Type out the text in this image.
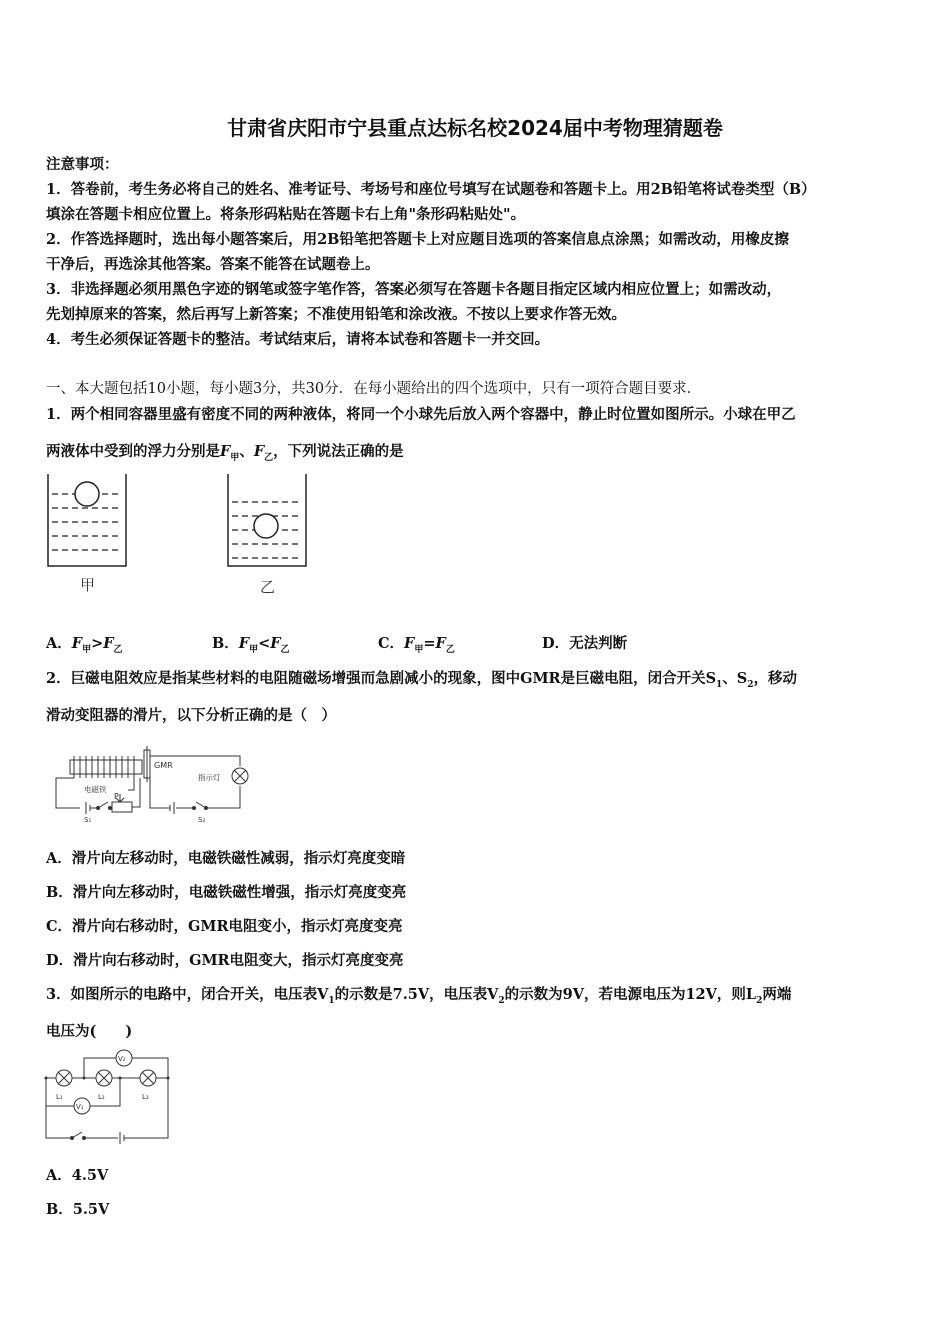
甘肃省庆阳市宁县重点达标名校2024届中考物理猜题卷
注意事项：
1．答卷前，考生务必将自己的姓名、准考证号、考场号和座位号填写在试题卷和答题卡上。用2B铅笔将试卷类型（B）
填涂在答题卡相应位置上。将条形码粘贴在答题卡右上角"条形码粘贴处"。
2．作答选择题时，选出每小题答案后，用2B铅笔把答题卡上对应题目选项的答案信息点涂黑；如需改动，用橡皮擦
干净后，再选涂其他答案。答案不能答在试题卷上。
3．非选择题必须用黑色字迹的钢笔或签字笔作答，答案必须写在答题卡各题目指定区域内相应位置上；如需改动，
先划掉原来的答案，然后再写上新答案；不准使用铅笔和涂改液。不按以上要求作答无效。
4．考生必须保证答题卡的整洁。考试结束后，请将本试卷和答题卡一并交回。
一、本大题包括10小题，每小题3分，共30分．在每小题给出的四个选项中，只有一项符合题目要求．
1．两个相同容器里盛有密度不同的两种液体，将同一个小球先后放入两个容器中，静止时位置如图所示。小球在甲乙
两液体中受到的浮力分别是$F_甲$、$F_乙$，下列说法正确的是
甲	乙
A．$F_甲>F_乙$	B．$F_甲<F_乙$	C．$F_甲=F_乙$	D．无法判断
2．巨磁电阻效应是指某些材料的电阻随磁场增强而急剧减小的现象，图中GMR是巨磁电阻，闭合开关$S_1$、$S_2$，移动
滑动变阻器的滑片，以下分析正确的是（　）
电磁铁
GMR
指示灯
P
S₁	S₂
A．滑片向左移动时，电磁铁磁性减弱，指示灯亮度变暗
B．滑片向左移动时，电磁铁磁性增强，指示灯亮度变亮
C．滑片向右移动时，GMR电阻变小，指示灯亮度变亮
D．滑片向右移动时，GMR电阻变大，指示灯亮度变亮
3．如图所示的电路中，闭合开关，电压表$V_1$的示数是7.5V，电压表$V_2$的示数为9V，若电源电压为12V，则$L_2$两端
电压为(　　)
V₂
V₁
L₁	L₂	L₃
A．4.5V
B．5.5V
